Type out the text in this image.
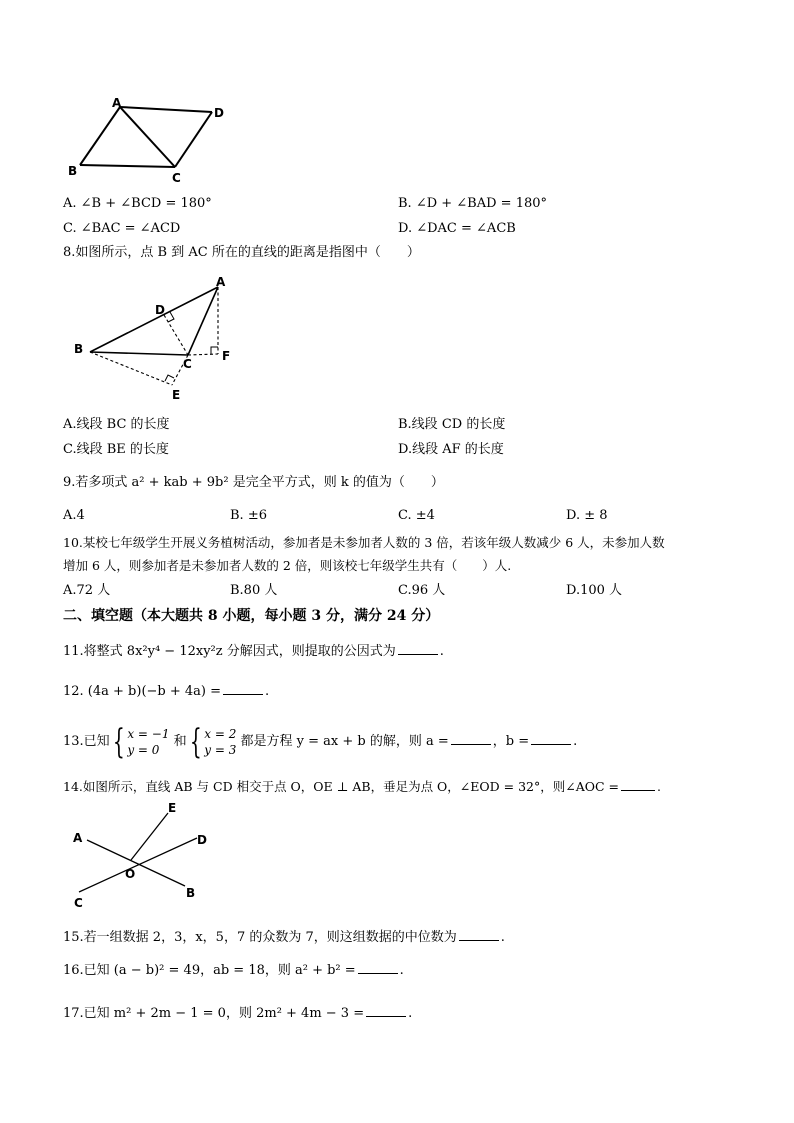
A
D
B	C
A. ∠B + ∠BCD = 180°	B. ∠D + ∠BAD = 180°
C. ∠BAC = ∠ACD	D. ∠DAC = ∠ACB
8.如图所示，点 B 到 AC 所在的直线的距离是指图中（　　）
A
D
B
C
F
E
A.线段 BC 的长度	B.线段 CD 的长度
C.线段 BE 的长度	D.线段 AF 的长度
9.若多项式 a² + kab + 9b² 是完全平方式，则 k 的值为（　　）
A.4	B. ±6	C. ±4	D. ± 8
10.某校七年级学生开展义务植树活动，参加者是未参加者人数的 3 倍，若该年级人数减少 6 人，未参加人数
增加 6 人，则参加者是未参加者人数的 2 倍，则该校七年级学生共有（　　）人.
A.72 人	B.80 人	C.96 人	D.100 人
二、填空题（本大题共 8 小题，每小题 3 分，满分 24 分）
11.将整式 8x²y⁴ − 12xy²z 分解因式，则提取的公因式为	.
12. (4a + b)(−b + 4a) =	.
13.已知{ x = −1
y = 0 和{ x = 2
y = 3 都是方程 y = ax + b 的解，则 a =	，b =	.
14.如图所示，直线 AB 与 CD 相交于点 O，OE ⊥ AB，垂足为点 O，∠EOD = 32°，则∠AOC =	.
A
E
D
O
B
C
15.若一组数据 2，3，x，5，7 的众数为 7，则这组数据的中位数为	.
16.已知 (a − b)² = 49，ab = 18，则 a² + b² =	.
17.已知 m² + 2m − 1 = 0，则 2m² + 4m − 3 =	.
